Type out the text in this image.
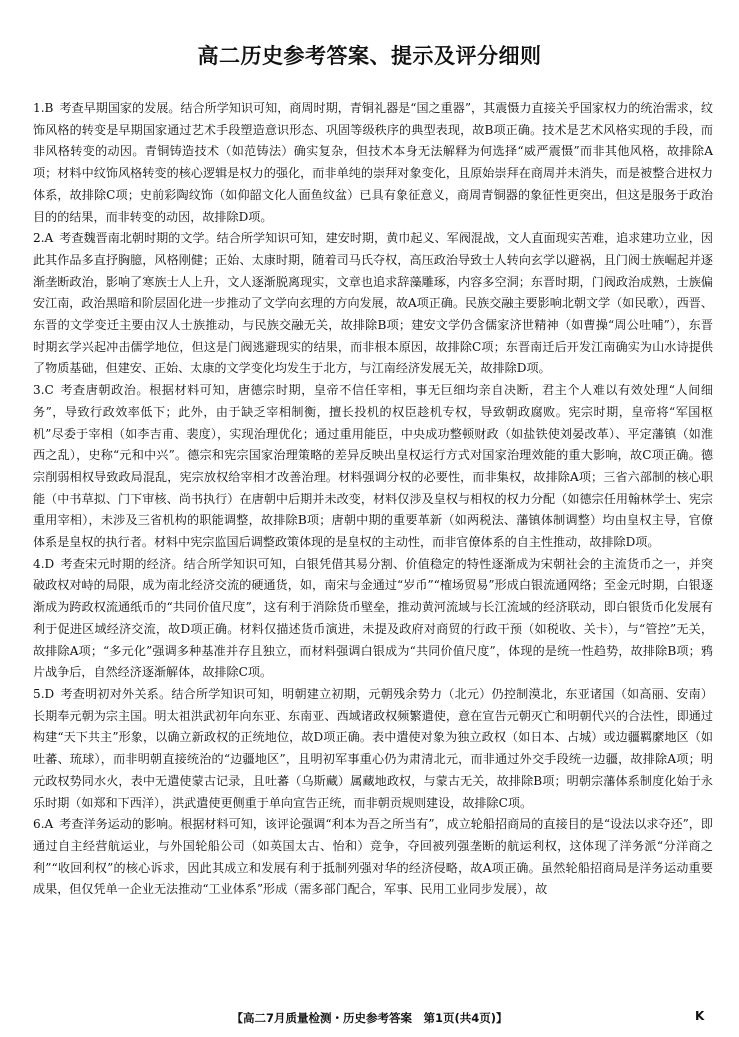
高二历史参考答案、提示及评分细则

1.B 考查早期国家的发展。结合所学知识可知，商周时期，青铜礼器是“国之重器”，其震慑力直接关乎国家权力的统治需求，纹饰风格的转变是早期国家通过艺术手段塑造意识形态、巩固等级秩序的典型表现，故B项正确。技术是艺术风格实现的手段，而非风格转变的动因。青铜铸造技术（如范铸法）确实复杂，但技术本身无法解释为何选择“威严震慑”而非其他风格，故排除A项；材料中纹饰风格转变的核心逻辑是权力的强化，而非单纯的崇拜对象变化，且原始崇拜在商周并未消失，而是被整合进权力体系，故排除C项；史前彩陶纹饰（如仰韶文化人面鱼纹盆）已具有象征意义，商周青铜器的象征性更突出，但这是服务于政治目的的结果，而非转变的动因，故排除D项。

2.A 考查魏晋南北朝时期的文学。结合所学知识可知，建安时期，黄巾起义、军阀混战，文人直面现实苦难，追求建功立业，因此其作品多直抒胸臆，风格刚健；正始、太康时期，随着司马氏夺权，高压政治导致士人转向玄学以避祸，且门阀士族崛起并逐渐垄断政治，影响了寒族士人上升，文人逐渐脱离现实，文章也追求辞藻雕琢，内容多空洞；东晋时期，门阀政治成熟，士族偏安江南，政治黑暗和阶层固化进一步推动了文学向玄理的方向发展，故A项正确。民族交融主要影响北朝文学（如民歌），西晋、东晋的文学变迁主要由汉人士族推动，与民族交融无关，故排除B项；建安文学仍含儒家济世精神（如曹操“周公吐哺”），东晋时期玄学兴起冲击儒学地位，但这是门阀逃避现实的结果，而非根本原因，故排除C项；东晋南迁后开发江南确实为山水诗提供了物质基础，但建安、正始、太康的文学变化均发生于北方，与江南经济发展无关，故排除D项。

3.C 考查唐朝政治。根据材料可知，唐德宗时期，皇帝不信任宰相，事无巨细均亲自决断，君主个人难以有效处理“人间细务”，导致行政效率低下；此外，由于缺乏宰相制衡，擅长投机的权臣趁机专权，导致朝政腐败。宪宗时期，皇帝将“军国枢机”尽委于宰相（如李吉甫、裴度），实现治理优化；通过重用能臣，中央成功整顿财政（如盐铁使刘晏改革）、平定藩镇（如淮西之乱），史称“元和中兴”。德宗和宪宗国家治理策略的差异反映出皇权运行方式对国家治理效能的重大影响，故C项正确。德宗削弱相权导致政局混乱，宪宗放权给宰相才改善治理。材料强调分权的必要性，而非集权，故排除A项；三省六部制的核心职能（中书草拟、门下审核、尚书执行）在唐朝中后期并未改变，材料仅涉及皇权与相权的权力分配（如德宗任用翰林学士、宪宗重用宰相），未涉及三省机构的职能调整，故排除B项；唐朝中期的重要革新（如两税法、藩镇体制调整）均由皇权主导，官僚体系是皇权的执行者。材料中宪宗监国后调整政策体现的是皇权的主动性，而非官僚体系的自主性推动，故排除D项。

4.D 考查宋元时期的经济。结合所学知识可知，白银凭借其易分割、价值稳定的特性逐渐成为宋朝社会的主流货币之一，并突破政权对峙的局限，成为南北经济交流的硬通货，如，南宋与金通过“岁币”“榷场贸易”形成白银流通网络；至金元时期，白银逐渐成为跨政权流通纸币的“共同价值尺度”，这有利于消除货币壁垒，推动黄河流域与长江流域的经济联动，即白银货币化发展有利于促进区域经济交流，故D项正确。材料仅描述货币演进，未提及政府对商贸的行政干预（如税收、关卡），与“管控”无关，故排除A项；“多元化”强调多种基准并存且独立，而材料强调白银成为“共同价值尺度”，体现的是统一性趋势，故排除B项；鸦片战争后，自然经济逐渐解体，故排除C项。

5.D 考查明初对外关系。结合所学知识可知，明朝建立初期，元朝残余势力（北元）仍控制漠北，东亚诸国（如高丽、安南）长期奉元朝为宗主国。明太祖洪武初年向东亚、东南亚、西域诸政权频繁遣使，意在宣告元朝灭亡和明朝代兴的合法性，即通过构建“天下共主”形象，以确立新政权的正统地位，故D项正确。表中遣使对象为独立政权（如日本、占城）或边疆羁縻地区（如吐蕃、琉球），而非明朝直接统治的“边疆地区”，且明初军事重心仍为肃清北元，而非通过外交手段统一边疆，故排除A项；明元政权势同水火，表中无遣使蒙古记录，且吐蕃（乌斯藏）属藏地政权，与蒙古无关，故排除B项；明朝宗藩体系制度化始于永乐时期（如郑和下西洋），洪武遣使更侧重于单向宣告正统，而非朝贡规则建设，故排除C项。

6.A 考查洋务运动的影响。根据材料可知，该评论强调“利本为吾之所当有”，成立轮船招商局的直接目的是“设法以求夺还”，即通过自主经营航运业，与外国轮船公司（如英国太古、怡和）竞争，夺回被列强垄断的航运利权，这体现了洋务派“分洋商之利”“收回利权”的核心诉求，因此其成立和发展有利于抵制列强对华的经济侵略，故A项正确。虽然轮船招商局是洋务运动重要成果，但仅凭单一企业无法推动“工业体系”形成（需多部门配合，军事、民用工业同步发展），故

【高二7月质量检测・历史参考答案　第1页(共4页)】	K
